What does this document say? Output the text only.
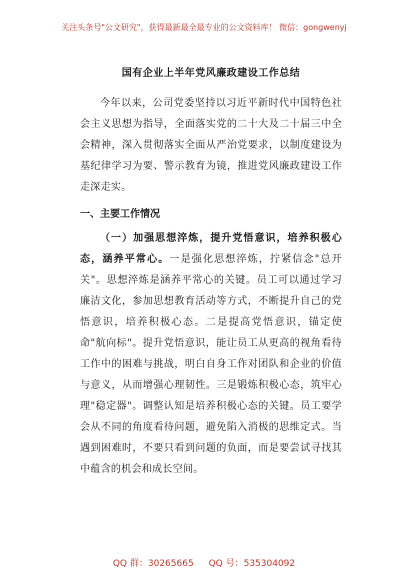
关注头条号"公文研究"，获得最新最全最专业的公文资料库！ 微信：gongwenyj
国有企业上半年党风廉政建设工作总结

今年以来，公司党委坚持以习近平新时代中国特色社会主义思想为指导，全面落实党的二十大及二十届三中全会精神，深入贯彻落实全面从严治党要求，以制度建设为基纪律学习为要、警示教育为镜，推进党风廉政建设工作走深走实。

一、主要工作情况

（一）加强思想淬炼，提升党悟意识，培养积极心态，涵养平常心。一是强化思想淬炼，拧紧信念"总开关"。思想淬炼是涵养平常心的关键。员工可以通过学习廉洁文化，参加思想教育活动等方式，不断提升自己的党悟意识，培养积极心态。二是提高党悟意识，锚定使命"航向标"。提升党悟意识，能让员工从更高的视角看待工作中的困难与挑战，明白自身工作对团队和企业的价值与意义，从而增强心理韧性。三是锻炼积极心态，筑牢心理"稳定器"。调整认知是培养积极心态的关键。员工要学会从不同的角度看待问题，避免陷入消极的思维定式。当遇到困难时，不要只看到问题的负面，而是要尝试寻找其中蕴含的机会和成长空间。

QQ 群：30265665 QQ 号：535304092
